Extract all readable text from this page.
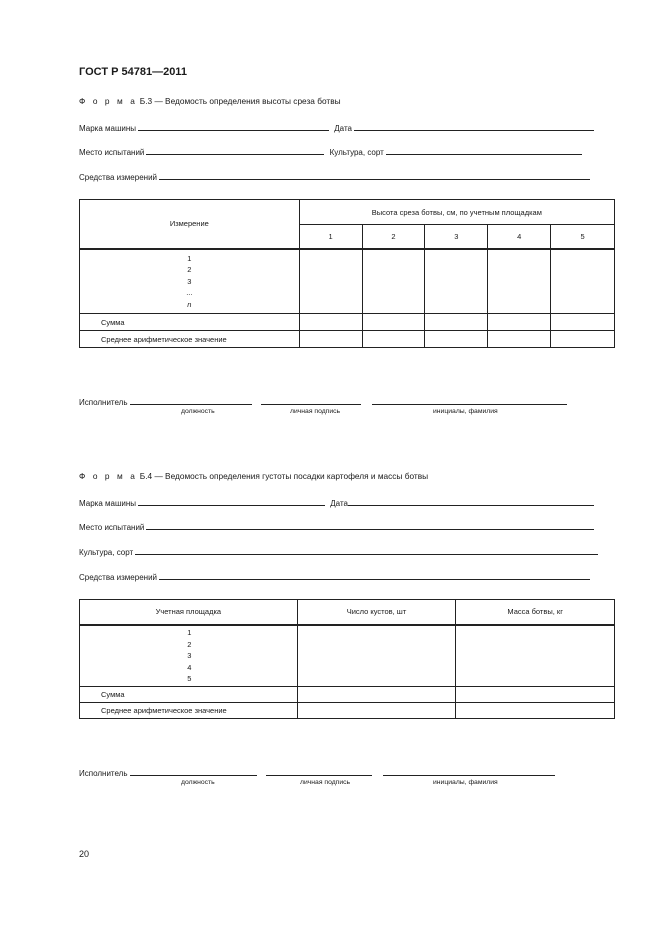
ГОСТ Р 54781—2011
Ф о р м а Б.3 — Ведомость определения высоты среза ботвы
Марка машины	Дата
Место испытаний	Культура, сорт
Средства измерений
Измерение	Высота среза ботвы, см, по учетным площадкам				
	1	2	3	4	5

1
2
3
...
n					

Сумма					
Среднее арифметическое значение					
Исполнитель
должность	личная подпись	инициалы, фамилия
Ф о р м а Б.4 — Ведомость определения густоты посадки картофеля и массы ботвы
Марка машины	Дата
Место испытаний
Культура, сорт
Средства измерений
Учетная площадка	Число кустов, шт	Масса ботвы, кг

1
2
3
4
5		

Сумма		
Среднее арифметическое значение		
Исполнитель
должность	личная подпись	инициалы, фамилия
20
